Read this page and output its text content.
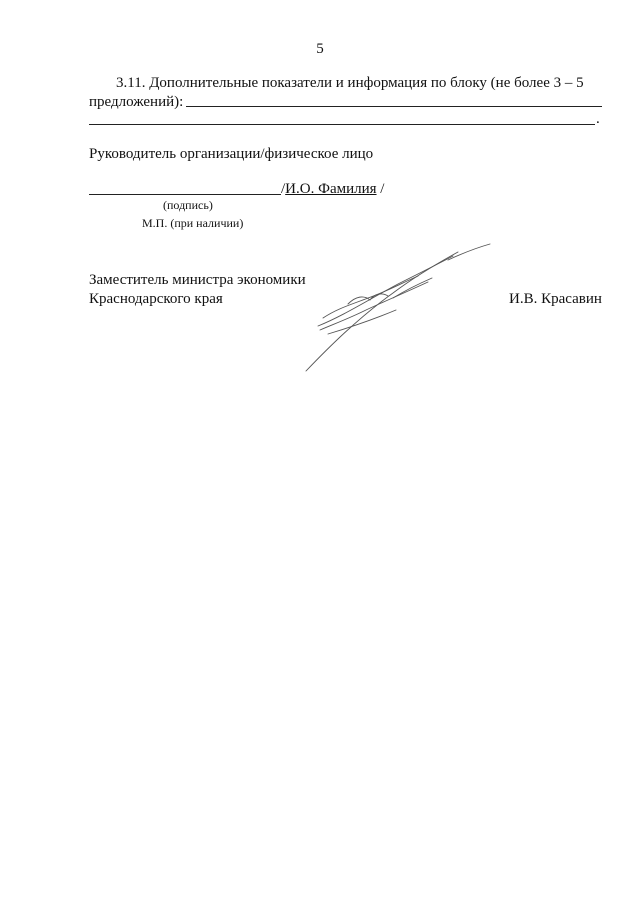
5
3.11. Дополнительные показатели и информация по блоку (не более 3 – 5
предложений):
.
Руководитель организации/физическое лицо
/И.О. Фамилия /
(подпись)
М.П. (при наличии)
Заместитель министра экономики
Краснодарского края	И.В. Красавин
